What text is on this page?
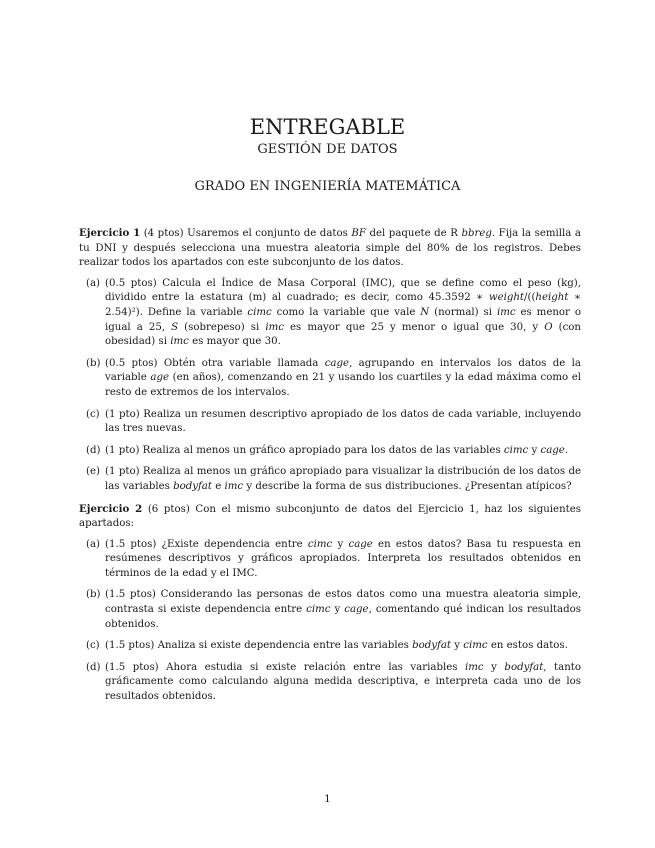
ENTREGABLE
GESTIÓN DE DATOS
GRADO EN INGENIERÍA MATEMÁTICA
Ejercicio 1 (4 ptos) Usaremos el conjunto de datos BF del paquete de R bbreg. Fija la semilla a tu DNI y después selecciona una muestra aleatoria simple del 80% de los registros. Debes realizar todos los apartados con este subconjunto de los datos.
(a) (0.5 ptos) Calcula el Índice de Masa Corporal (IMC), que se define como el peso (kg), dividido entre la estatura (m) al cuadrado; es decir, como 45.3592 ∗ weight/((height ∗ 2.54)²). Define la variable cimc como la variable que vale N (normal) si imc es menor o igual a 25, S (sobrepeso) si imc es mayor que 25 y menor o igual que 30, y O (con obesidad) si imc es mayor que 30.
(b) (0.5 ptos) Obtén otra variable llamada cage, agrupando en intervalos los datos de la variable age (en años), comenzando en 21 y usando los cuartiles y la edad máxima como el resto de extremos de los intervalos.
(c) (1 pto) Realiza un resumen descriptivo apropiado de los datos de cada variable, incluyendo las tres nuevas.
(d) (1 pto) Realiza al menos un gráfico apropiado para los datos de las variables cimc y cage.
(e) (1 pto) Realiza al menos un gráfico apropiado para visualizar la distribución de los datos de las variables bodyfat e imc y describe la forma de sus distribuciones. ¿Presentan atípicos?
Ejercicio 2 (6 ptos) Con el mismo subconjunto de datos del Ejercicio 1, haz los siguientes apartados:
(a) (1.5 ptos) ¿Existe dependencia entre cimc y cage en estos datos? Basa tu respuesta en resúmenes descriptivos y gráficos apropiados. Interpreta los resultados obtenidos en términos de la edad y el IMC.
(b) (1.5 ptos) Considerando las personas de estos datos como una muestra aleatoria simple, contrasta si existe dependencia entre cimc y cage, comentando qué indican los resultados obtenidos.
(c) (1.5 ptos) Analiza si existe dependencia entre las variables bodyfat y cimc en estos datos.
(d) (1.5 ptos) Ahora estudia si existe relación entre las variables imc y bodyfat, tanto gráficamente como calculando alguna medida descriptiva, e interpreta cada uno de los resultados obtenidos.
1
